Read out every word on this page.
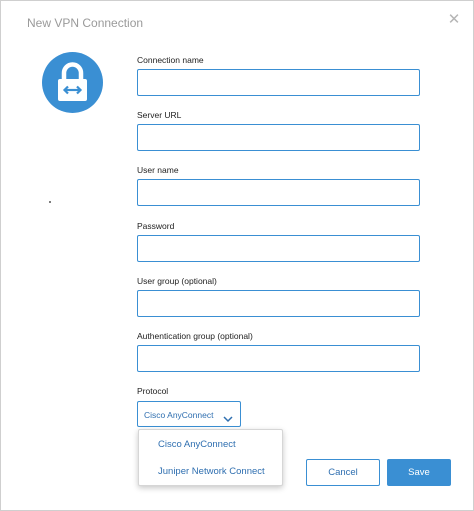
New VPN Connection	✕
Connection name
Server URL
User name
Password
User group (optional)
Authentication group (optional)
Protocol
Cisco AnyConnect
Cisco AnyConnect
Juniper Network Connect	Cancel	Save
